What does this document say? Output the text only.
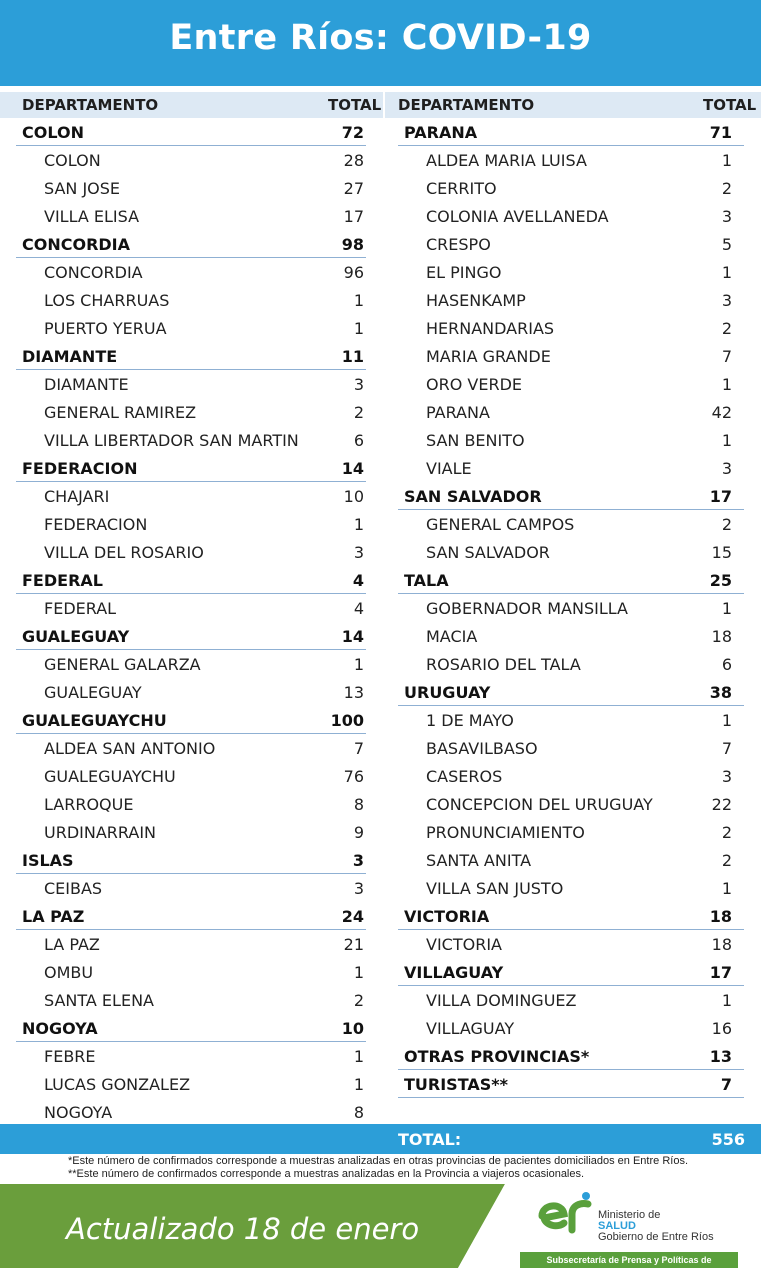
Entre Ríos: COVID-19
DEPARTAMENTO	TOTAL DEPARTAMENTO	TOTAL
COLON	72
COLON	28
SAN JOSE	27
VILLA ELISA	17
CONCORDIA	98
CONCORDIA	96
LOS CHARRUAS	1
PUERTO YERUA	1
DIAMANTE	11
DIAMANTE	3
GENERAL RAMIREZ	2
VILLA LIBERTADOR SAN MARTIN	6
FEDERACION	14
CHAJARI	10
FEDERACION	1
VILLA DEL ROSARIO	3
FEDERAL	4
FEDERAL	4
GUALEGUAY	14
GENERAL GALARZA	1
GUALEGUAY	13
GUALEGUAYCHU	100
ALDEA SAN ANTONIO	7
GUALEGUAYCHU	76
LARROQUE	8
URDINARRAIN	9
ISLAS	3
CEIBAS	3
LA PAZ	24
LA PAZ	21
OMBU	1
SANTA ELENA	2
NOGOYA	10
FEBRE	1
LUCAS GONZALEZ	1
NOGOYA	8
PARANA	71
ALDEA MARIA LUISA	1
CERRITO	2
COLONIA AVELLANEDA	3
CRESPO	5
EL PINGO	1
HASENKAMP	3
HERNANDARIAS	2
MARIA GRANDE	7
ORO VERDE	1
PARANA	42
SAN BENITO	1
VIALE	3
SAN SALVADOR	17
GENERAL CAMPOS	2
SAN SALVADOR	15
TALA	25
GOBERNADOR MANSILLA	1
MACIA	18
ROSARIO DEL TALA	6
URUGUAY	38
1 DE MAYO	1
BASAVILBASO	7
CASEROS	3
CONCEPCION DEL URUGUAY	22
PRONUNCIAMIENTO	2
SANTA ANITA	2
VILLA SAN JUSTO	1
VICTORIA	18
VICTORIA	18
VILLAGUAY	17
VILLA DOMINGUEZ	1
VILLAGUAY	16
OTRAS PROVINCIAS*	13
TURISTAS**	7
TOTAL:	556
*Este número de confirmados corresponde a muestras analizadas en otras provincias de pacientes domiciliados en Entre Ríos.
**Este número de confirmados corresponde a muestras analizadas en la Provincia a viajeros ocasionales.
Actualizado 18 de enero	Ministerio de
SALUD
Gobierno de Entre Ríos
Subsecretaría de Prensa y Políticas de Comunicación
